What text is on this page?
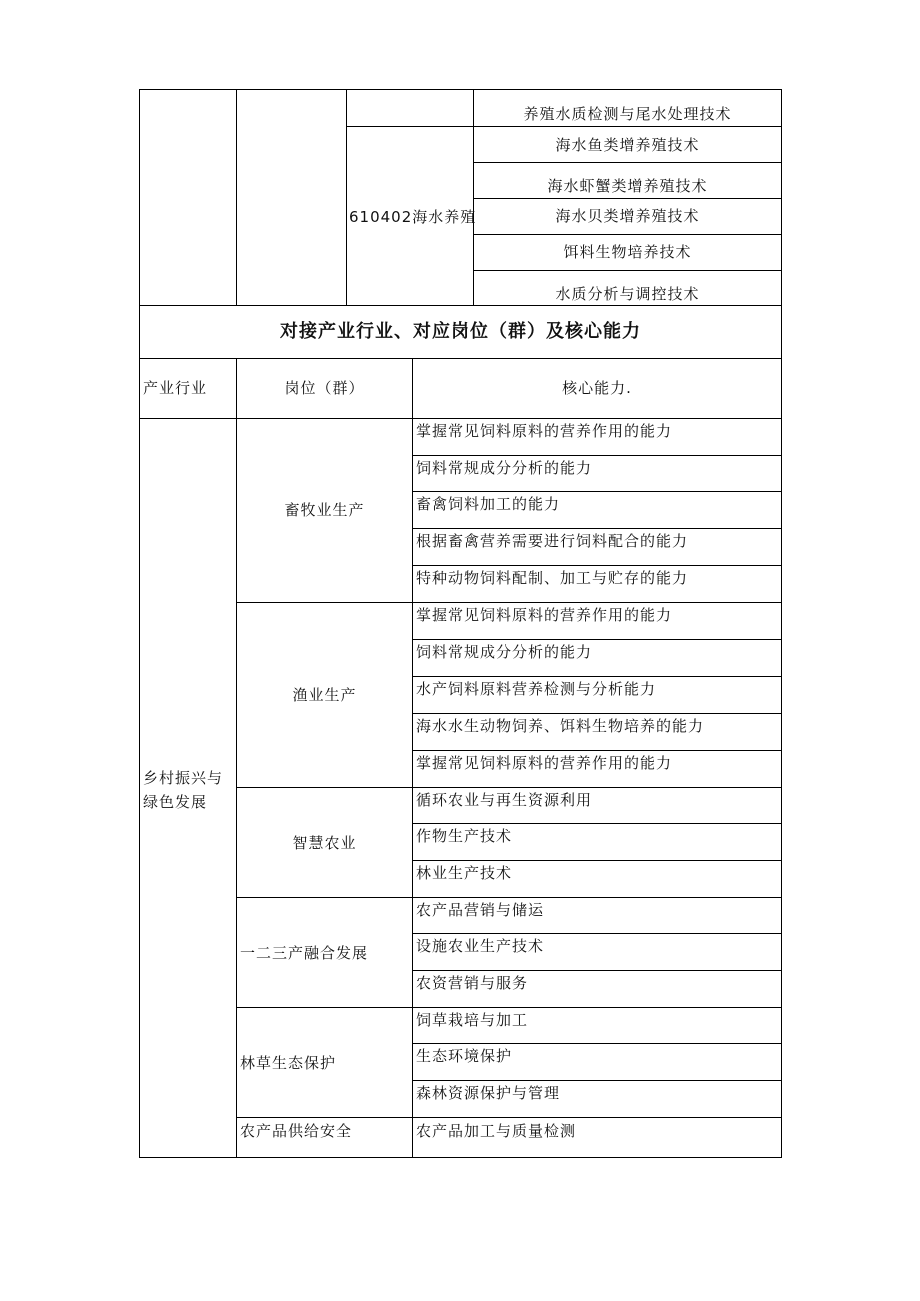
610402海水养殖
养殖水质检测与尾水处理技术
海水鱼类增养殖技术
海水虾蟹类增养殖技术
海水贝类增养殖技术
饵料生物培养技术
水质分析与调控技术
对接产业行业、对应岗位（群）及核心能力
产业行业	岗位（群）	核心能力.
乡村振兴与绿色发展
畜牧业生产
渔业生产
智慧农业
一二三产融合发展
林草生态保护
农产品供给安全
掌握常见饲料原料的营养作用的能力
饲料常规成分分析的能力
畜禽饲料加工的能力
根据畜禽营养需要进行饲料配合的能力
特种动物饲料配制、加工与贮存的能力
掌握常见饲料原料的营养作用的能力
饲料常规成分分析的能力
水产饲料原料营养检测与分析能力
海水水生动物饲养、饵料生物培养的能力
掌握常见饲料原料的营养作用的能力
循环农业与再生资源利用
作物生产技术
林业生产技术
农产品营销与储运
设施农业生产技术
农资营销与服务
饲草栽培与加工
生态环境保护
森林资源保护与管理
农产品加工与质量检测
